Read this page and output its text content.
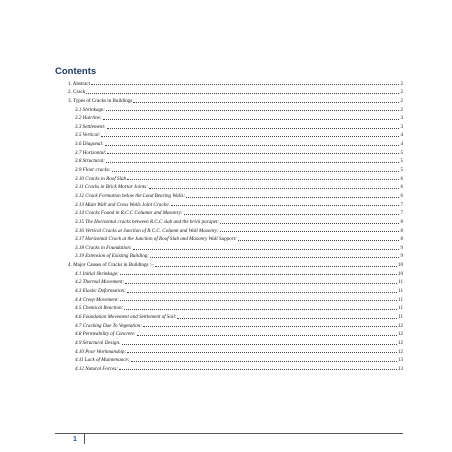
Contents
1. Abstract	2
2. Crack	2
3. Types of Cracks in Buildings	2
3.1 Shrinkage:	2
3.2 Hairline:	3
3.3 Settlement:	3
3.5 Vertical:	4
3.6 Diagonal:	4
3.7 Horizontal:	5
3.8 Structural:	5
3.9 Floor cracks:	5
3.10 Cracks in Roof Slab	6
3.11 Cracks in Brick Mortar Joints:	6
3.12 Crack Formation below the Load Bearing Walls:	6
3.13 Main Wall and Cross Walls Joint Cracks:	7
3.14 Cracks Found in R.C.C Columns and Masonry:	7
3.15 The Horizontal cracks between R.C.C slab and the brick parapet:	8
3.16 Vertical Cracks at Junction of R.C.C. Column and Wall Masonry:	8
3.17 Horizontal Crack at the Junction of Roof Slab and Masonry Wall Support:	8
3.18 Cracks in Foundation:	9
3.19 Extension of Existing Building:	9
4. Major Causes of Cracks in Buildings :–	10
4.1 Initial Shrinkage:	10
4.2 Thermal Movement:	11
4.3 Elastic Deformation:	11
4.4 Creep Movement:	11
4.5 Chemical Reaction:	11
4.6 Foundation Movement and Settlement of Soil:	11
4.7 Cracking Due To Vegetation:	12
4.8 Permeability of Concrete:	12
4.9 Structural Design:	12
4.10 Poor Workmanship:	12
4.11 Lack of Maintenance:	13
4.12 Natural Forces:	13
1
